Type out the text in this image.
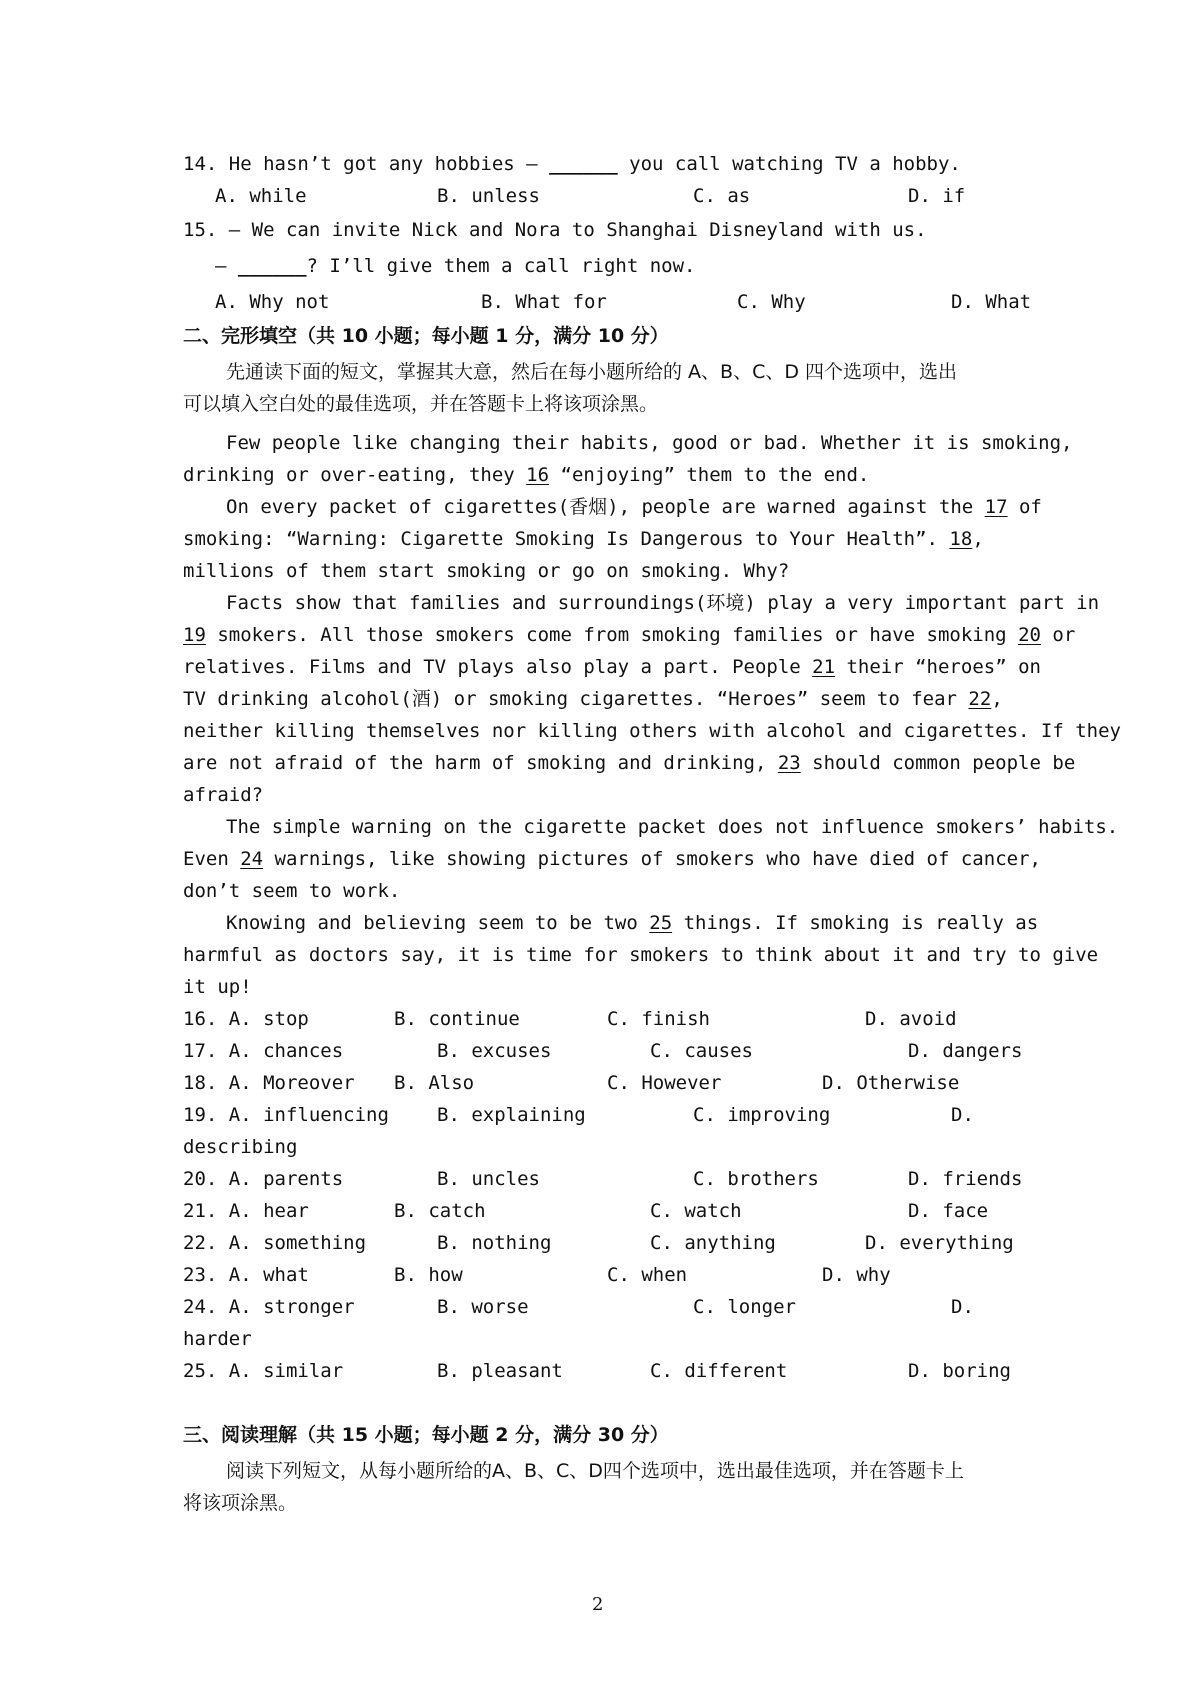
14. He hasn’t got any hobbies — ______ you call watching TV a hobby.
A. while	B. unless	C. as	D. if
15. — We can invite Nick and Nora to Shanghai Disneyland with us.
— ______? I’ll give them a call right now.
A. Why not	B. What for	C. Why	D. What
二、完形填空（共 10 小题；每小题 1 分，满分 10 分）
先通读下面的短文，掌握其大意，然后在每小题所给的 A、B、C、D 四个选项中，选出
可以填入空白处的最佳选项，并在答题卡上将该项涂黑。
Few people like changing their habits, good or bad. Whether it is smoking,
drinking or over-eating, they 16 “enjoying” them to the end.
On every packet of cigarettes(香烟), people are warned against the 17 of
smoking: “Warning: Cigarette Smoking Is Dangerous to Your Health”. 18,
millions of them start smoking or go on smoking. Why?
Facts show that families and surroundings(环境) play a very important part in
19 smokers. All those smokers come from smoking families or have smoking 20 or
relatives. Films and TV plays also play a part. People 21 their “heroes” on
TV drinking alcohol(酒) or smoking cigarettes. “Heroes” seem to fear 22,
neither killing themselves nor killing others with alcohol and cigarettes. If they
are not afraid of the harm of smoking and drinking, 23 should common people be
afraid?
The simple warning on the cigarette packet does not influence smokers’ habits.
Even 24 warnings, like showing pictures of smokers who have died of cancer,
don’t seem to work.
Knowing and believing seem to be two 25 things. If smoking is really as
harmful as doctors say, it is time for smokers to think about it and try to give
it up!
16. A. stop	B. continue	C. finish	D. avoid
17. A. chances	B. excuses	C. causes	D. dangers
18. A. Moreover B. Also	C. However	D. Otherwise
19. A. influencing	B. explaining	C. improving	D.
describing
20. A. parents	B. uncles	C. brothers	D. friends
21. A. hear	B. catch	C. watch	D. face
22. A. something	B. nothing	C. anything	D. everything
23. A. what	B. how	C. when	D. why
24. A. stronger	B. worse	C. longer	D.
harder
25. A. similar	B. pleasant	C. different	D. boring
三、阅读理解（共 15 小题；每小题 2 分，满分 30 分）
阅读下列短文，从每小题所给的A、B、C、D四个选项中，选出最佳选项，并在答题卡上
将该项涂黑。
2
